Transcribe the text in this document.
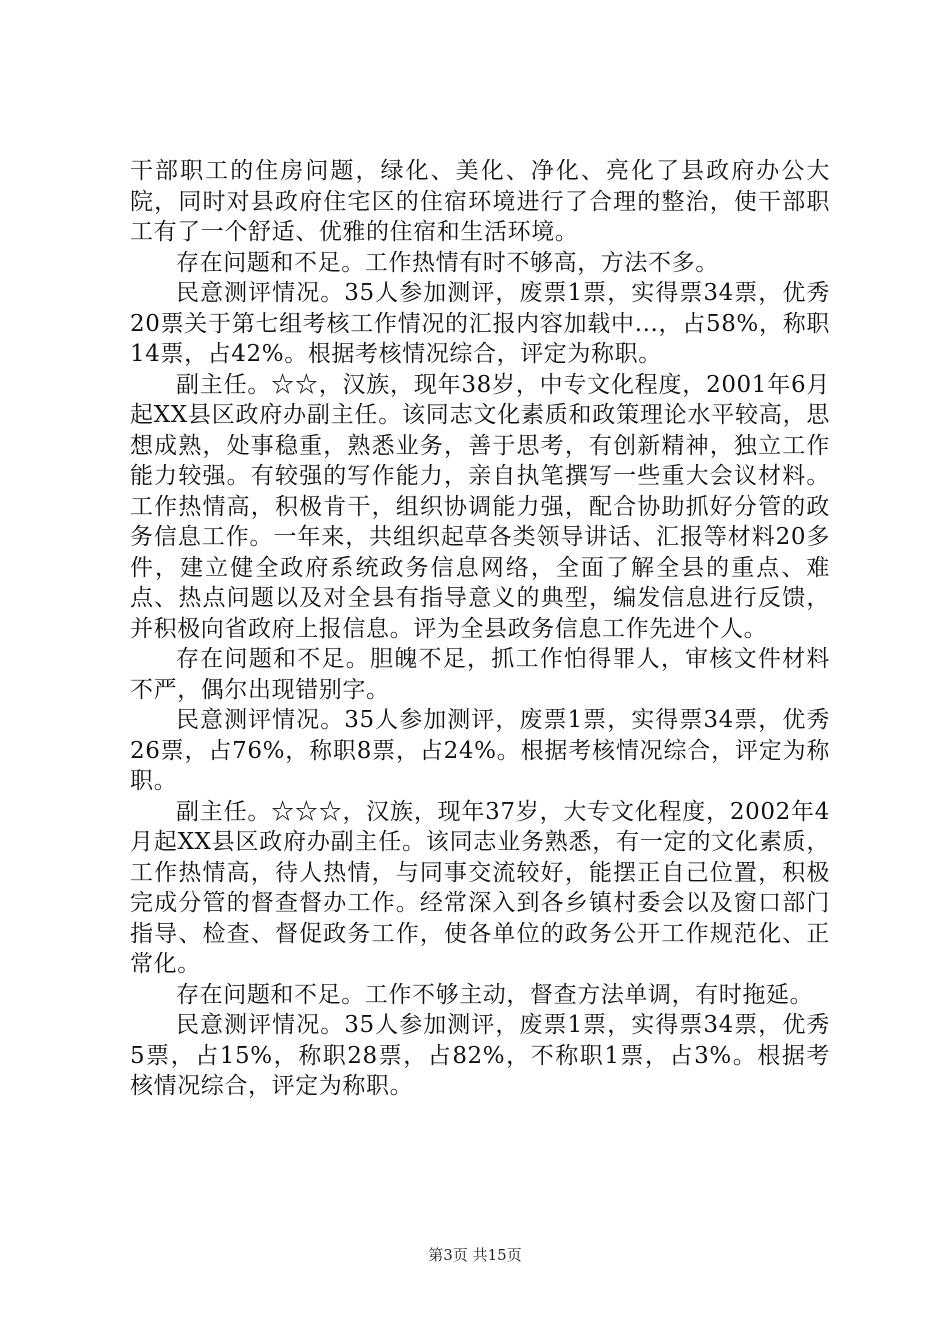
干部职工的住房问题，绿化、美化、净化、亮化了县政府办公大院，同时对县政府住宅区的住宿环境进行了合理的整治，使干部职工有了一个舒适、优雅的住宿和生活环境。

存在问题和不足。工作热情有时不够高，方法不多。

民意测评情况。35人参加测评，废票1票，实得票34票，优秀20票关于第七组考核工作情况的汇报内容加载中...，占58%，称职14票，占42%。根据考核情况综合，评定为称职。

副主任。☆☆，汉族，现年38岁，中专文化程度，2001年6月起XX县区政府办副主任。该同志文化素质和政策理论水平较高，思想成熟，处事稳重，熟悉业务，善于思考，有创新精神，独立工作能力较强。有较强的写作能力，亲自执笔撰写一些重大会议材料。工作热情高，积极肯干，组织协调能力强，配合协助抓好分管的政务信息工作。一年来，共组织起草各类领导讲话、汇报等材料20多件，建立健全政府系统政务信息网络，全面了解全县的重点、难点、热点问题以及对全县有指导意义的典型，编发信息进行反馈，并积极向省政府上报信息。评为全县政务信息工作先进个人。

存在问题和不足。胆魄不足，抓工作怕得罪人，审核文件材料不严，偶尔出现错别字。

民意测评情况。35人参加测评，废票1票，实得票34票，优秀26票，占76%，称职8票，占24%。根据考核情况综合，评定为称职。

副主任。☆☆☆，汉族，现年37岁，大专文化程度，2002年4月起XX县区政府办副主任。该同志业务熟悉，有一定的文化素质，工作热情高，待人热情，与同事交流较好，能摆正自己位置，积极完成分管的督查督办工作。经常深入到各乡镇村委会以及窗口部门指导、检查、督促政务工作，使各单位的政务公开工作规范化、正常化。

存在问题和不足。工作不够主动，督查方法单调，有时拖延。

民意测评情况。35人参加测评，废票1票，实得票34票，优秀5票，占15%，称职28票，占82%，不称职1票，占3%。根据考核情况综合，评定为称职。

第3页 共15页
